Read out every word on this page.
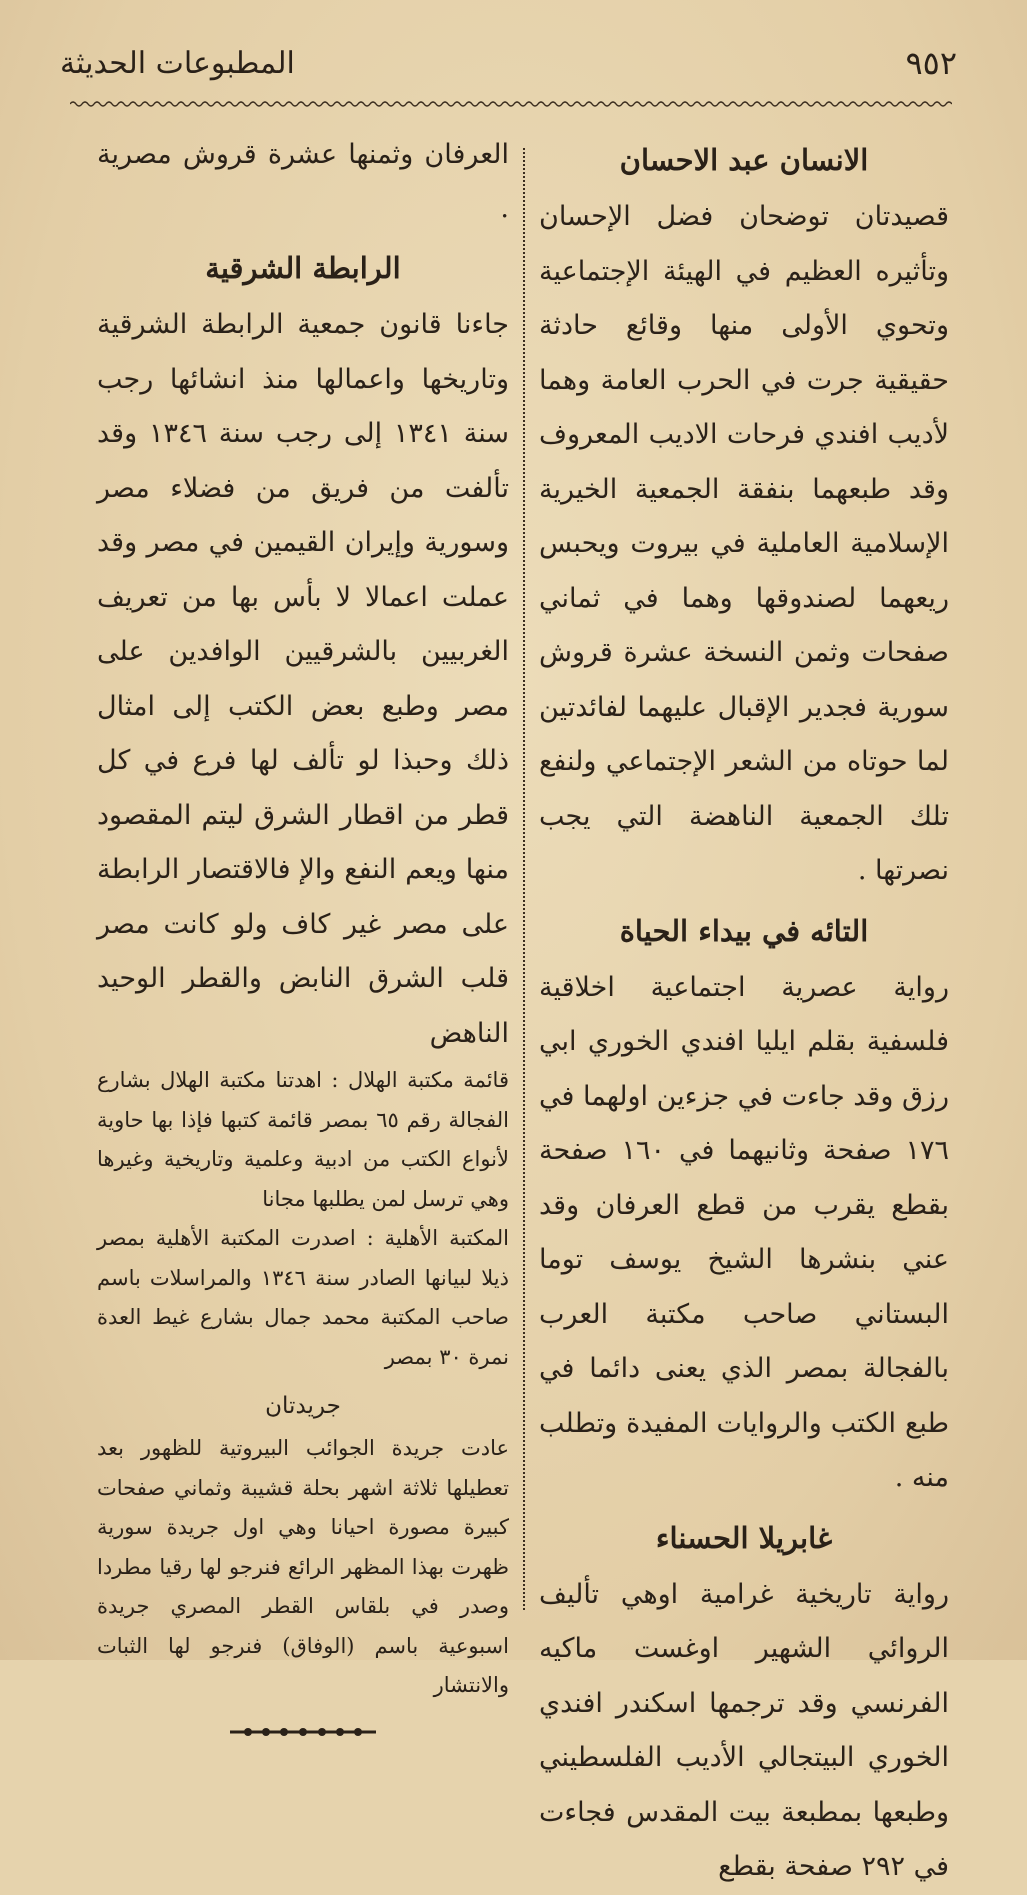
٩٥٢
المطبوعات الحديثة
الانسان عبد الاحسان

قصيدتان توضحان فضل الإحسان وتأثيره العظيم في الهيئة الإجتماعية وتحوي الأولى منها وقائع حادثة حقيقية جرت في الحرب العامة وهما لأديب افندي فرحات الاديب المعروف وقد طبعهما بنفقة الجمعية الخيرية الإسلامية العاملية في بيروت ويحبس ريعهما لصندوقها وهما في ثماني صفحات وثمن النسخة عشرة قروش سورية فجدير الإقبال عليهما لفائدتين لما حوتاه من الشعر الإجتماعي ولنفع تلك الجمعية الناهضة التي يجب نصرتها .

التائه في بيداء الحياة

رواية عصرية اجتماعية اخلاقية فلسفية بقلم ايليا افندي الخوري ابي رزق وقد جاءت في جزءين اولهما في ١٧٦ صفحة وثانيهما في ١٦٠ صفحة بقطع يقرب من قطع العرفان وقد عني بنشرها الشيخ يوسف توما البستاني صاحب مكتبة العرب بالفجالة بمصر الذي يعنى دائما في طبع الكتب والروايات المفيدة وتطلب منه .

غابريلا الحسناء

رواية تاريخية غرامية اوهي تأليف الروائي الشهير اوغست ماكيه الفرنسي وقد ترجمها اسكندر افندي الخوري البيتجالي الأديب الفلسطيني وطبعها بمطبعة بيت المقدس فجاءت في ٢٩٢ صفحة بقطع

العرفان وثمنها عشرة قروش مصرية .

الرابطة الشرقية

جاءنا قانون جمعية الرابطة الشرقية وتاريخها واعمالها منذ انشائها رجب سنة ١٣٤١ إلى رجب سنة ١٣٤٦ وقد تألفت من فريق من فضلاء مصر وسورية وإيران القيمين في مصر وقد عملت اعمالا لا بأس بها من تعريف الغربيين بالشرقيين الوافدين على مصر وطبع بعض الكتب إلى امثال ذلك وحبذا لو تألف لها فرع في كل قطر من اقطار الشرق ليتم المقصود منها ويعم النفع والإ فالاقتصار الرابطة على مصر غير كاف ولو كانت مصر قلب الشرق النابض والقطر الوحيد الناهض

قائمة مكتبة الهلال : اهدتنا مكتبة الهلال بشارع الفجالة رقم ٦٥ بمصر قائمة كتبها فإذا بها حاوية لأنواع الكتب من ادبية وعلمية وتاريخية وغيرها وهي ترسل لمن يطلبها مجانا

المكتبة الأهلية : اصدرت المكتبة الأهلية بمصر ذيلا لبيانها الصادر سنة ١٣٤٦ والمراسلات باسم صاحب المكتبة محمد جمال بشارع غيط العدة نمرة ٣٠ بمصر

جريدتان

عادت جريدة الجوائب البيروتية للظهور بعد تعطيلها ثلاثة اشهر بحلة قشيبة وثماني صفحات كبيرة مصورة احيانا وهي اول جريدة سورية ظهرت بهذا المظهر الرائع فنرجو لها رقيا مطردا وصدر في بلقاس القطر المصري جريدة اسبوعية باسم (الوفاق) فنرجو لها الثبات والانتشار
